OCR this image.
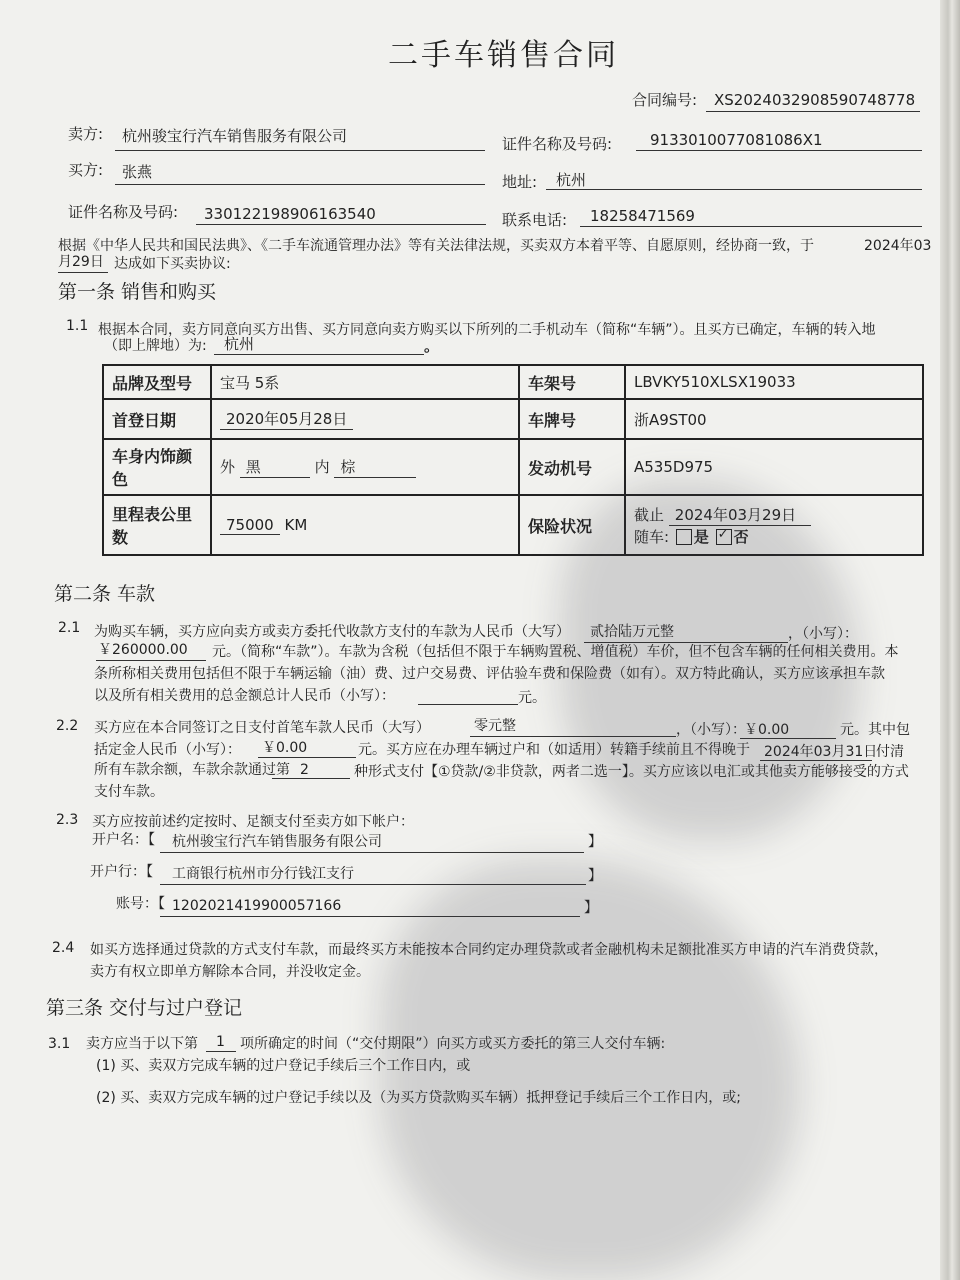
二手车销售合同
合同编号: XS2024032908590748778
卖方: 杭州骏宝行汽车销售服务有限公司	证件名称及号码:	9133010077081086X1
买方: 张燕
地址: 杭州
证件名称及号码: 330122198906163540	联系电话: 18258471569
根据《中华人民共和国民法典》、《二手车流通管理办法》等有关法律法规，买卖双方本着平等、自愿原则，经协商一致，于	2024年03
月29日 达成如下买卖协议:
第一条 销售和购买
1.1 根据本合同，卖方同意向买方出售、买方同意向卖方购买以下所列的二手机动车（简称“车辆”）。且买方已确定，车辆的转入地
（即上牌地）为: 杭州	。
品牌及型号	宝马 5系	车架号	LBVKY510XLSX19033
首登日期	2020年05月28日	车牌号	浙A9ST00
车身内饰颜色	外 黑 内 棕	发动机号	A535D975
里程表公里数	75000 KM	保险状况	截止 2024年03月29日
随车: 是 ✓ 否
第二条 车款
2.1 为购买车辆，买方应向卖方或卖方委托代收款方支付的车款为人民币（大写） 贰拾陆万元整	，（小写）：
￥260000.00 元。（简称“车款”）。车款为含税（包括但不限于车辆购置税、增值税）车价，但不包含车辆的任何相关费用。本
条所称相关费用包括但不限于车辆运输（油）费、过户交易费、评估验车费和保险费（如有）。双方特此确认，买方应该承担车款
以及所有相关费用的总金额总计人民币（小写）：	元。
2.2 买方应在本合同签订之日支付首笔车款人民币（大写）	零元整	，（小写）：
￥0.00	元。其中包
括定金人民币（小写）： ￥0.00	元。买方应在办理车辆过户和（如适用）转籍手续前且不得晚于 2024年03月31日
付清
所有车款余额，车款余款通过第 2	种形式支付【①贷款/②非贷款，两者二选一】。买方应该以电汇或其他卖方能够接受的方式
支付车款。
2.3 买方应按前述约定按时、足额支付至卖方如下帐户：
开户名：【 杭州骏宝行汽车销售服务有限公司	】
开户行：【 工商银行杭州市分行钱江支行	】
账号：【 1202021419900057166	】
2.4 如买方选择通过贷款的方式支付车款，而最终买方未能按本合同约定办理贷款或者金融机构未足额批准买方申请的汽车消费贷款，
卖方有权立即单方解除本合同，并没收定金。
第三条 交付与过户登记
3.1 卖方应当于以下第 1 项所确定的时间（“交付期限”）向买方或买方委托的第三人交付车辆:
(1) 买、卖双方完成车辆的过户登记手续后三个工作日内，或
(2) 买、卖双方完成车辆的过户登记手续以及（为买方贷款购买车辆）抵押登记手续后三个工作日内，或;
